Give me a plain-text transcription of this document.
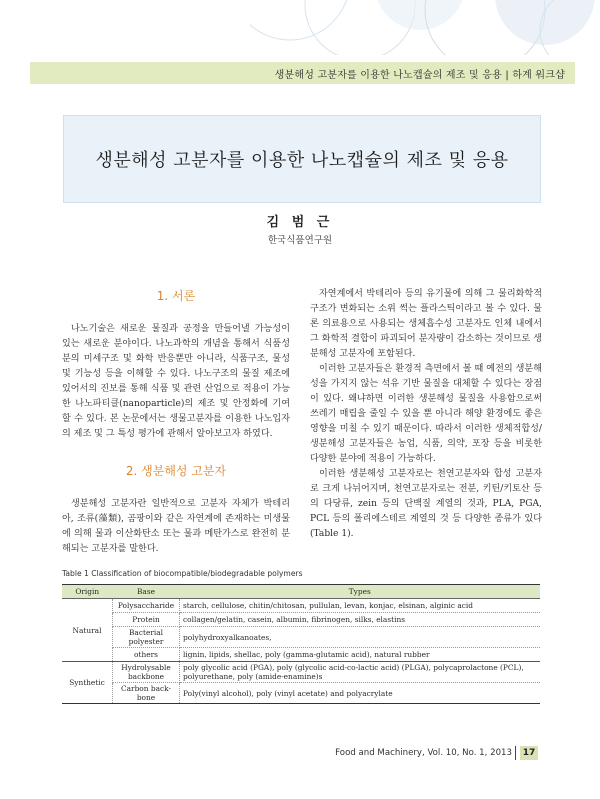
생분해성 고분자를 이용한 나노캡슐의 제조 및 응용 | 하계 워크샵
생분해성 고분자를 이용한 나노캡슐의 제조 및 응용
김 범 근
한국식품연구원

1. 서론

나노기술은 새로운 물질과 공정을 만들어낼 가능성이 있는 새로운 분야이다. 나노과학의 개념을 통해서 식품성분의 미세구조 및 화학 반응뿐만 아니라, 식품구조, 물성 및 기능성 등을 이해할 수 있다. 나노구조의 물질 제조에 있어서의 진보를 통해 식품 및 관련 산업으로 적용이 가능한 나노파티클(nanoparticle)의 제조 및 안정화에 기여할 수 있다. 본 논문에서는 생물고분자를 이용한 나노입자의 제조 및 그 특성 평가에 관해서 알아보고자 하였다.

2. 생분해성 고분자

생분해성 고분자란 일반적으로 고분자 자체가 박테리아, 조류(藻類), 곰팡이와 같은 자연계에 존재하는 미생물에 의해 물과 이산화탄소 또는 물과 메탄가스로 완전히 분해되는 고분자를 말한다.

자연계에서 박테리아 등의 유기물에 의해 그 물리화학적 구조가 변화되는 소위 썩는 플라스틱이라고 볼 수 있다. 물론 의료용으로 사용되는 생체흡수성 고분자도 인체 내에서 그 화학적 결합이 파괴되어 분자량이 감소하는 것이므로 생분해성 고분자에 포함된다.

이러한 고분자들은 환경적 측면에서 볼 때 예전의 생분해성을 가지지 않는 석유 기반 물질을 대체할 수 있다는 장점이 있다. 왜냐하면 이러한 생분해성 물질을 사용함으로써 쓰레기 매립을 줄일 수 있을 뿐 아니라 해양 환경에도 좋은 영향을 미칠 수 있기 때문이다. 따라서 이러한 생체적합성/생분해성 고분자들은 농업, 식품, 의약, 포장 등을 비롯한 다양한 분야에 적용이 가능하다.

이러한 생분해성 고분자로는 천연고분자와 합성 고분자로 크게 나뉘어지며, 천연고분자로는 전분, 키틴/키토산 등의 다당류, zein 등의 단백질 계열의 것과, PLA, PGA, PCL 등의 폴리에스테르 계열의 것 등 다양한 종류가 있다 (Table 1).

Table 1 Classification of biocompatible/biodegradable polymers
Origin	Base	Types
Natural	Polysaccharide	starch, cellulose, chitin/chitosan, pullulan, levan, konjac, elsinan, alginic acid
	Protein	collagen/gelatin, casein, albumin, fibrinogen, silks, elastins
	Bacterial polyester	polyhydroxyalkanoates,
	others	lignin, lipids, shellac, poly (gamma-glutamic acid), natural rubber
Synthetic	Hydrolysable backbone	poly glycolic acid (PGA), poly (glycolic acid-co-lactic acid) (PLGA), polycaprolactone (PCL), polyurethane, poly (amide-enamine)s
	Carbon back-bone	Poly(vinyl alcohol), poly (vinyl acetate) and polyacrylate
Food and Machinery, Vol. 10, No. 1, 2013	17
